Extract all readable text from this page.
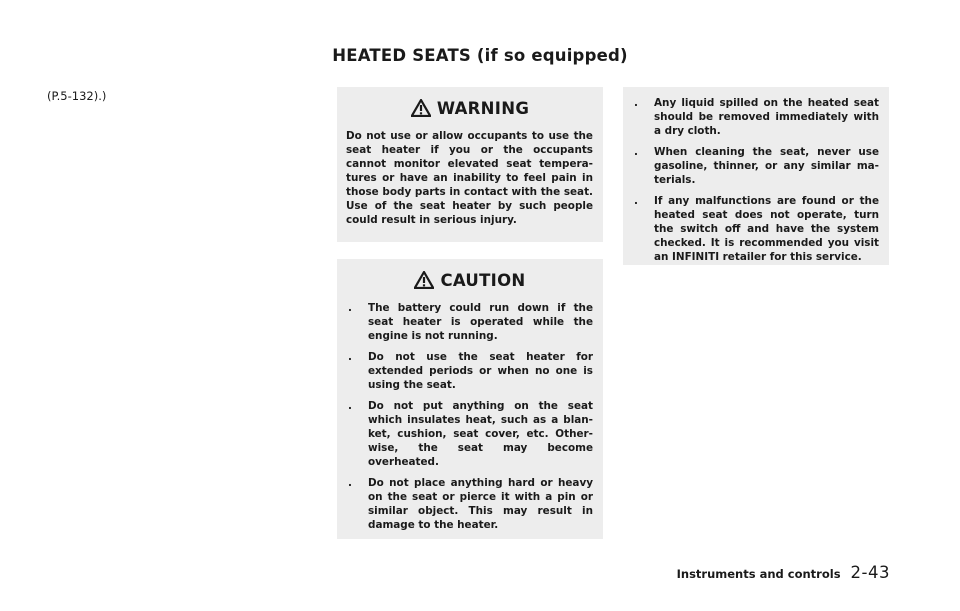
HEATED SEATS (if so equipped)
(P.5-132).)
WARNING

Do not use or allow occupants to use the seat heater if you or the occupants cannot monitor elevated seat tempera-tures or have an inability to feel pain in those body parts in contact with the seat. Use of the seat heater by such people could result in serious injury.

CAUTION
. The battery could run down if the seat heater is operated while the engine is not running.
. Do not use the seat heater for extended periods or when no one is using the seat.
. Do not put anything on the seat which insulates heat, such as a blan-ket, cushion, seat cover, etc. Other-wise, the seat may become overheated.
. Do not place anything hard or heavy on the seat or pierce it with a pin or similar object. This may result in damage to the heater.
. Any liquid spilled on the heated seat should be removed immediately with a dry cloth.
. When cleaning the seat, never use gasoline, thinner, or any similar ma-terials.
. If any malfunctions are found or the heated seat does not operate, turn the switch off and have the system checked. It is recommended you visit an INFINITI retailer for this service.
Instruments and controls 2-43
